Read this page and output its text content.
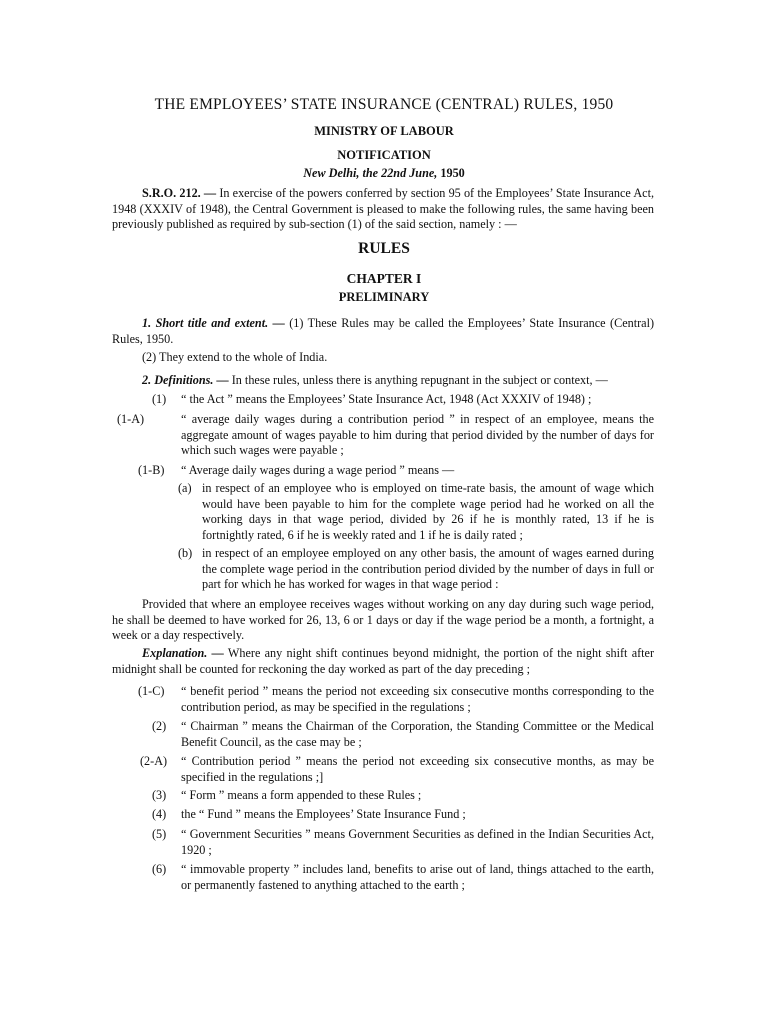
THE EMPLOYEES’ STATE INSURANCE (CENTRAL) RULES, 1950
MINISTRY OF LABOUR
NOTIFICATION
New Delhi, the 22nd June, 1950
S.R.O. 212. — In exercise of the powers conferred by section 95 of the Employees’ State Insurance Act, 1948 (XXXIV of 1948), the Central Government is pleased to make the following rules, the same having been previously published as required by sub-section (1) of the said section, namely : —
RULES
CHAPTER I
PRELIMINARY
1. Short title and extent. — (1) These Rules may be called the Employees’ State Insurance (Central) Rules, 1950.
(2) They extend to the whole of India.
2. Definitions. — In these rules, unless there is anything repugnant in the subject or context, —
(1) “ the Act ” means the Employees’ State Insurance Act, 1948 (Act XXXIV of 1948) ;
(1-A)	“ average daily wages during a contribution period ” in respect of an employee, means the aggregate amount of wages payable to him during that period divided by the number of days for which such wages were payable ;
(1-B) “ Average daily wages during a wage period ” means —
(a) in respect of an employee who is employed on time-rate basis, the amount of wage which would have been payable to him for the complete wage period had he worked on all the working days in that wage period, divided by 26 if he is monthly rated, 13 if he is fortnightly rated, 6 if he is weekly rated and 1 if he is daily rated ;
(b) in respect of an employee employed on any other basis, the amount of wages earned during the complete wage period in the contribution period divided by the number of days in full or part for which he has worked for wages in that wage period :
Provided that where an employee receives wages without working on any day during such wage period, he shall be deemed to have worked for 26, 13, 6 or 1 days or day if the wage period be a month, a fortnight, a week or a day respectively.
Explanation. — Where any night shift continues beyond midnight, the portion of the night shift after midnight shall be counted for reckoning the day worked as part of the day preceding ;
(1-C) “ benefit period ” means the period not exceeding six consecutive months corresponding to the contribution period, as may be specified in the regulations ;
(2) “ Chairman ” means the Chairman of the Corporation, the Standing Committee or the Medical Benefit Council, as the case may be ;
(2-A) “ Contribution period ” means the period not exceeding six consecutive months, as may be specified in the regulations ;]
(3) “ Form ” means a form appended to these Rules ;
(4) the “ Fund ” means the Employees’ State Insurance Fund ;
(5) “ Government Securities ” means Government Securities as defined in the Indian Securities Act, 1920 ;
(6) “ immovable property ” includes land, benefits to arise out of land, things attached to the earth, or permanently fastened to anything attached to the earth ;
